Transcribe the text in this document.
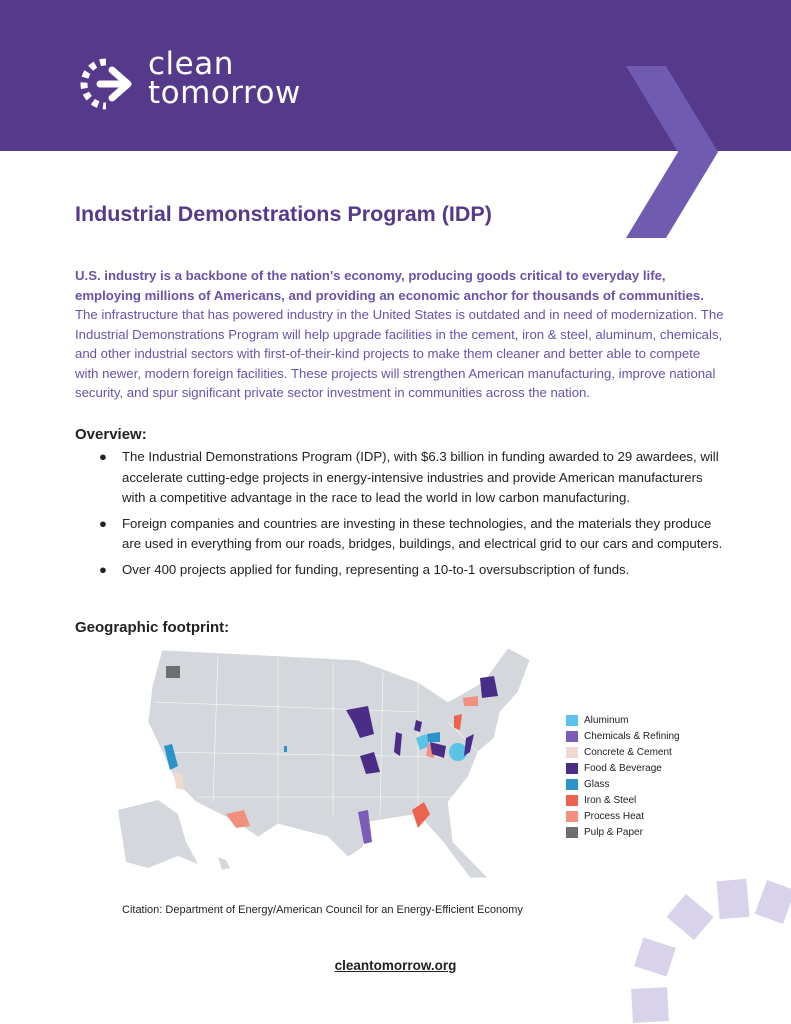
clean
tomorrow
Industrial Demonstrations Program (IDP)
U.S. industry is a backbone of the nation's economy, producing goods critical to everyday life, employing millions of Americans, and providing an economic anchor for thousands of communities. The infrastructure that has powered industry in the United States is outdated and in need of modernization. The Industrial Demonstrations Program will help upgrade facilities in the cement, iron & steel, aluminum, chemicals, and other industrial sectors with first-of-their-kind projects to make them cleaner and better able to compete with newer, modern foreign facilities. These projects will strengthen American manufacturing, improve national security, and spur significant private sector investment in communities across the nation.
Overview:
● The Industrial Demonstrations Program (IDP), with $6.3 billion in funding awarded to 29 awardees, will accelerate cutting-edge projects in energy-intensive industries and provide American manufacturers with a competitive advantage in the race to lead the world in low carbon manufacturing.
● Foreign companies and countries are investing in these technologies, and the materials they produce are used in everything from our roads, bridges, buildings, and electrical grid to our cars and computers.
● Over 400 projects applied for funding, representing a 10-to-1 oversubscription of funds.
Geographic footprint:
Aluminum
Chemicals & Refining
Concrete & Cement
Food & Beverage
Glass
Iron & Steel
Process Heat
Pulp & Paper
Citation: Department of Energy/American Council for an Energy-Efficient Economy
cleantomorrow.org
